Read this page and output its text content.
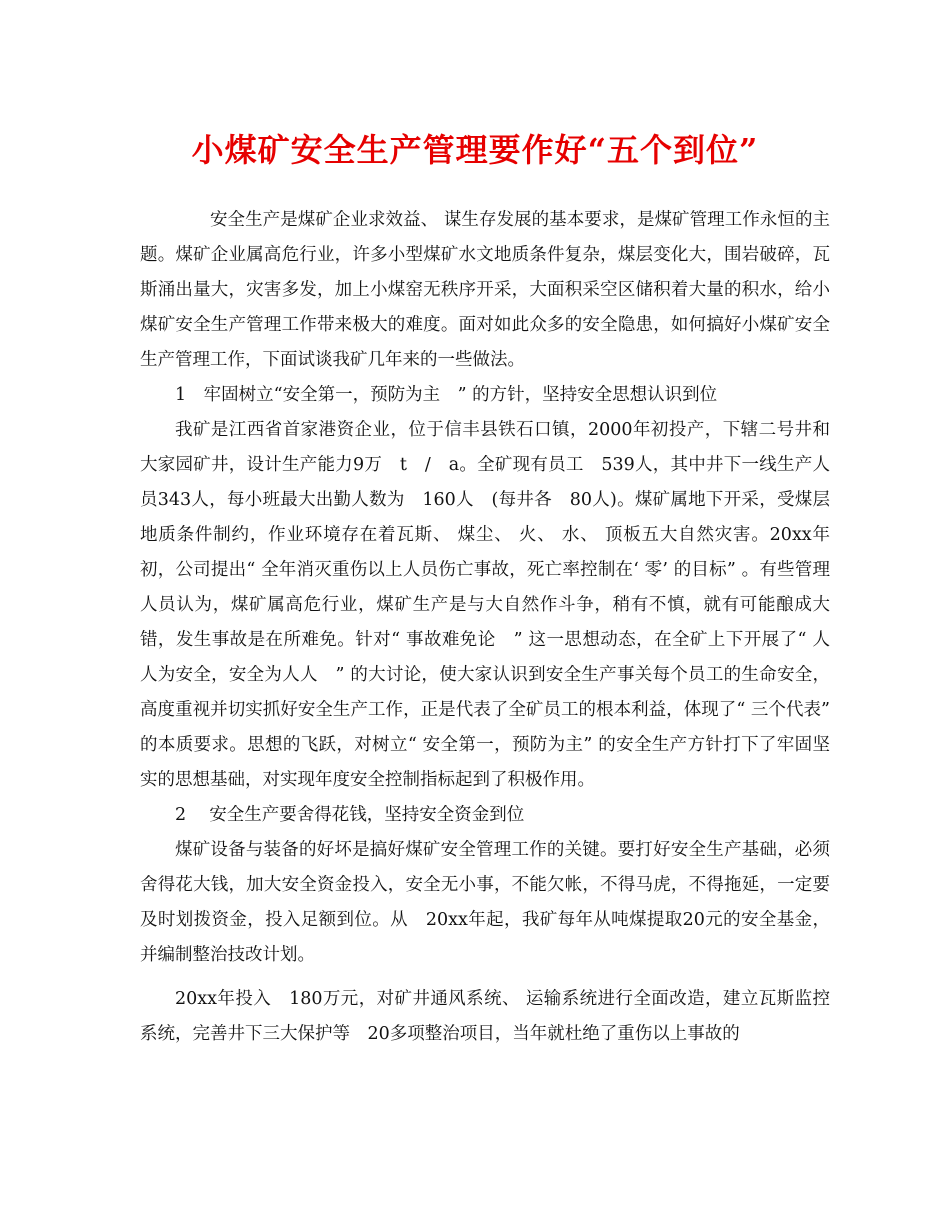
小煤矿安全生产管理要作好“五个到位”

安全生产是煤矿企业求效益、 谋生存发展的基本要求，是煤矿管理工作永恒的主题。煤矿企业属高危行业，许多小型煤矿水文地质条件复杂，煤层变化大，围岩破碎，瓦斯涌出量大，灾害多发，加上小煤窑无秩序开采，大面积采空区储积着大量的积水，给小煤矿安全生产管理工作带来极大的难度。面对如此众多的安全隐患，如何搞好小煤矿安全生产管理工作，下面试谈我矿几年来的一些做法。

1　牢固树立“安全第一，预防为主　” 的方针，坚持安全思想认识到位

我矿是江西省首家港资企业，位于信丰县铁石口镇，2000年初投产，下辖二号井和大家园矿井，设计生产能力9万　t　/　a。全矿现有员工　539人，其中井下一线生产人员343人，每小班最大出勤人数为　160人　(每井各　80人)。煤矿属地下开采，受煤层地质条件制约，作业环境存在着瓦斯、 煤尘、 火、 水、 顶板五大自然灾害。20xx年初，公司提出“ 全年消灭重伤以上人员伤亡事故，死亡率控制在‘ 零’ 的目标” 。有些管理人员认为，煤矿属高危行业，煤矿生产是与大自然作斗争，稍有不慎，就有可能酿成大错，发生事故是在所难免。针对“ 事故难免论　” 这一思想动态，在全矿上下开展了“ 人人为安全，安全为人人　” 的大讨论，使大家认识到安全生产事关每个员工的生命安全，高度重视并切实抓好安全生产工作，正是代表了全矿员工的根本利益，体现了“ 三个代表” 的本质要求。思想的飞跃，对树立“ 安全第一，预防为主” 的安全生产方针打下了牢固坚实的思想基础，对实现年度安全控制指标起到了积极作用。

2　 安全生产要舍得花钱，坚持安全资金到位

煤矿设备与装备的好坏是搞好煤矿安全管理工作的关键。要打好安全生产基础，必须舍得花大钱，加大安全资金投入，安全无小事，不能欠帐，不得马虎，不得拖延，一定要及时划拨资金，投入足额到位。从　20xx年起，我矿每年从吨煤提取20元的安全基金，并编制整治技改计划。

20xx年投入　180万元，对矿井通风系统、 运输系统进行全面改造，建立瓦斯监控系统，完善井下三大保护等　20多项整治项目，当年就杜绝了重伤以上事故的
